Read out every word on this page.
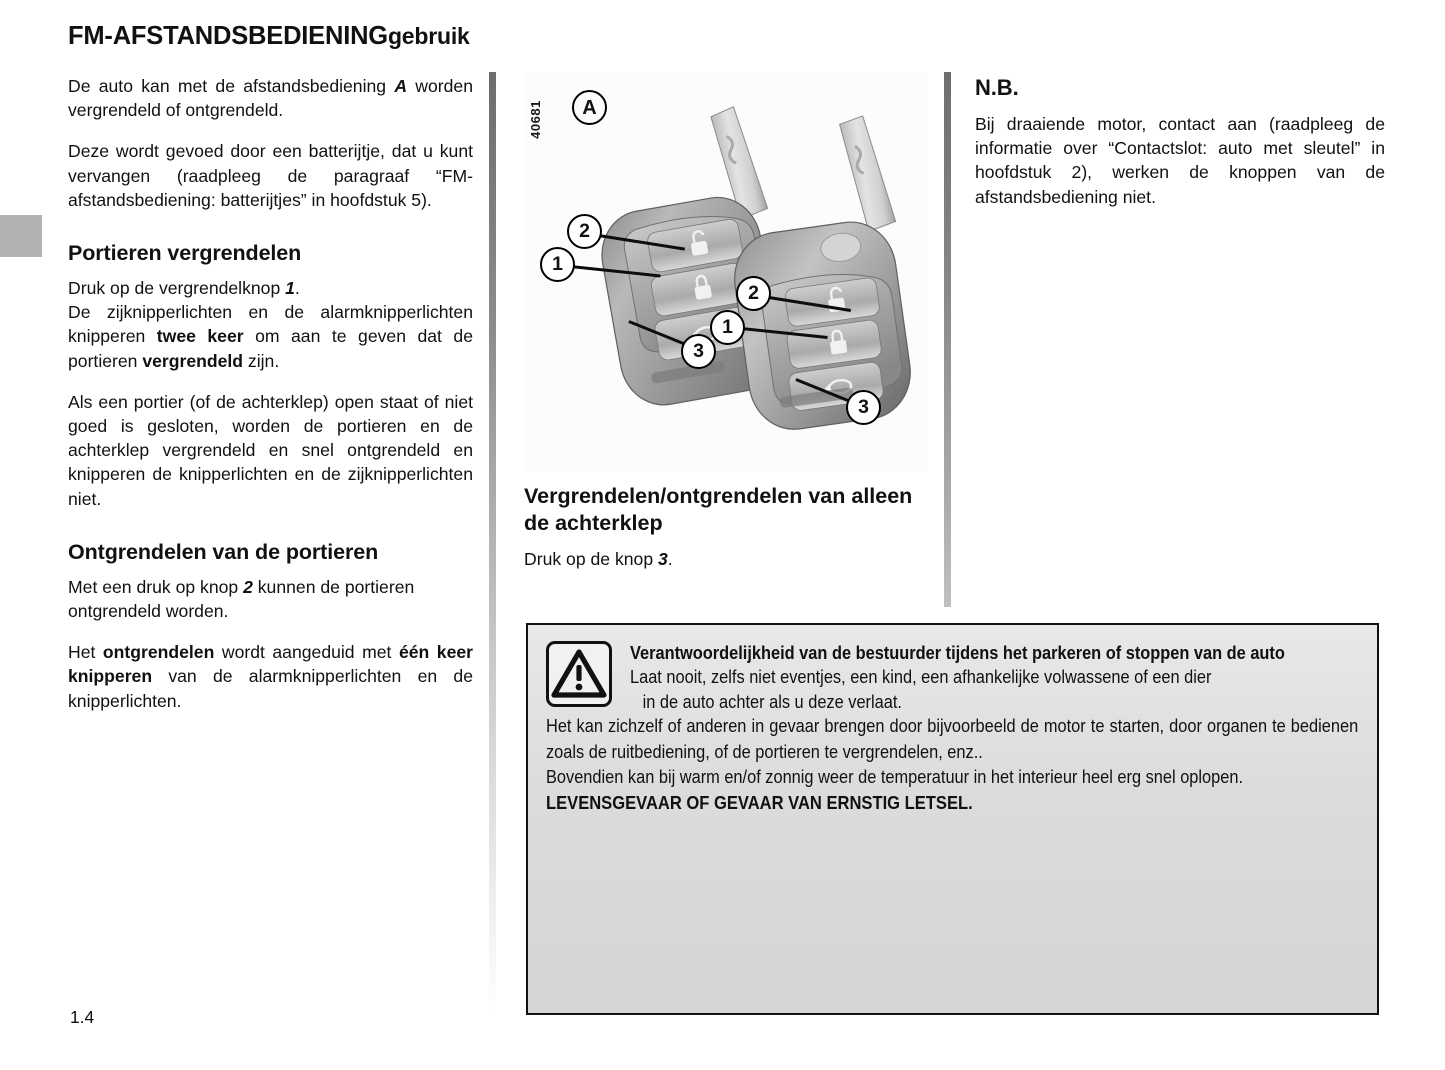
FM-AFSTANDSBEDIENINGgebruik

De auto kan met de afstandsbediening A worden vergrendeld of ontgrendeld.

Deze wordt gevoed door een batterijtje, dat u kunt vervangen (raadpleeg de paragraaf “FM-afstandsbediening: batterijtjes” in hoofdstuk 5).

Portieren vergrendelen

Druk op de vergrendelknop 1.

De zijknipperlichten en de alarmknipperlichten knipperen twee keer om aan te geven dat de portieren vergrendeld zijn.

Als een portier (of de achterklep) open staat of niet goed is gesloten, worden de portieren en de achterklep vergrendeld en snel ontgrendeld en knipperen de knipperlichten en de zijknipperlichten niet.

Ontgrendelen van de portieren

Met een druk op knop 2 kunnen de portieren ontgrendeld worden.

Het ontgrendelen wordt aangeduid met één keer knipperen van de alarmknipperlichten en de knipperlichten.

40681	A
2
1
3
2
1
3
Vergrendelen/ontgrendelen van alleen de achterklep

Druk op de knop 3.

N.B.

Bij draaiende motor, contact aan (raadpleeg de informatie over “Contactslot: auto met sleutel” in hoofdstuk 2), werken de knoppen van de afstandsbediening niet.

Verantwoordelijkheid van de bestuurder tijdens het parkeren of stoppen van de auto
Laat nooit, zelfs niet eventjes, een kind, een afhankelijke volwassene of een dier
in de auto achter als u deze verlaat.

Het kan zichzelf of anderen in gevaar brengen door bijvoorbeeld de motor te starten, door organen te bedienen zoals de ruitbediening, of de portieren te vergrendelen, enz..

Bovendien kan bij warm en/of zonnig weer de temperatuur in het interieur heel erg snel oplopen.

LEVENSGEVAAR OF GEVAAR VAN ERNSTIG LETSEL.
1.4
